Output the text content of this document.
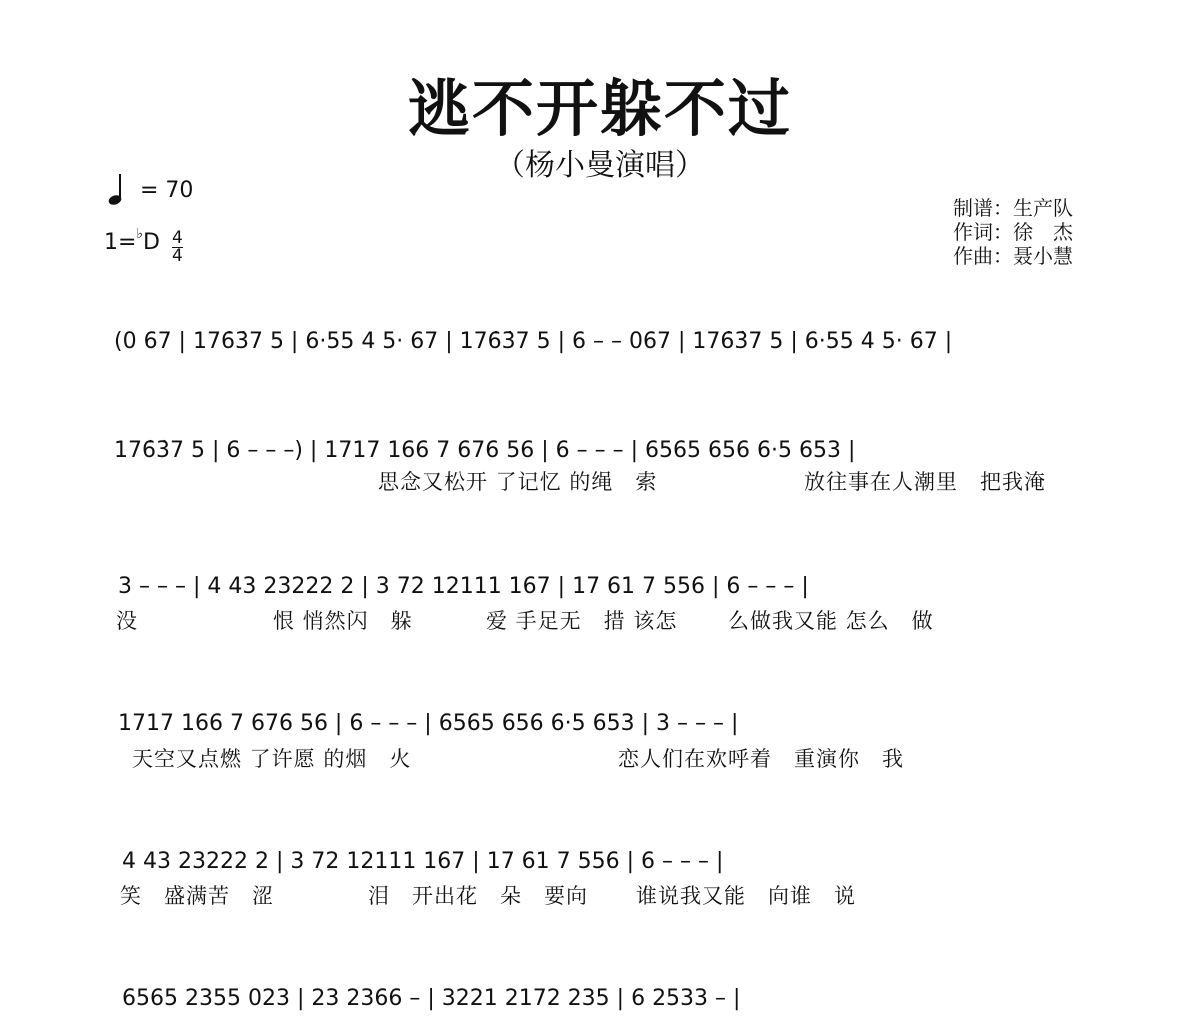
逃不开躲不过
（杨小曼演唱）
= 70
1= ♭ D 4
4
制谱：生产队
作词：徐　杰
作曲：聂小慧
(0 67 | 176̇3̇7 5 | 6·55 4 5· 67 | 176̇3̇7 5 | 6 – – 067 | 176̇3̇7 5 | 6·55 4 5· 67 |
176̇3̇7 5 | 6 – – –) | 1717 166 7 676 56 | 6 – – – | 6565 656 6·5 653 |
思念又松开 了记忆 的绳　索	放往事在人潮里　把我淹
3 – – – | 4 43 23222 2 | 3 72 12111 167 | 17 61 7 556 | 6 – – – |
没	恨 悄然闪　躲	爱 手足无　措 该怎 么做我又能 怎么　做
1717 166 7 676 56 | 6 – – – | 6565 656 6·5 653 | 3 – – – |
天空又点燃 了许愿 的烟　火	恋人们在欢呼着　重演你　我
4 43 23222 2 | 3 72 12111 167 | 17 61 7 556 | 6 – – – |
笑　盛满苦　涩	泪　开出花　朵　要向 谁说我又能　向谁　说
6565 2355 023 | 23 2366 – | 3221 2172 235 | 6 2533 – |
